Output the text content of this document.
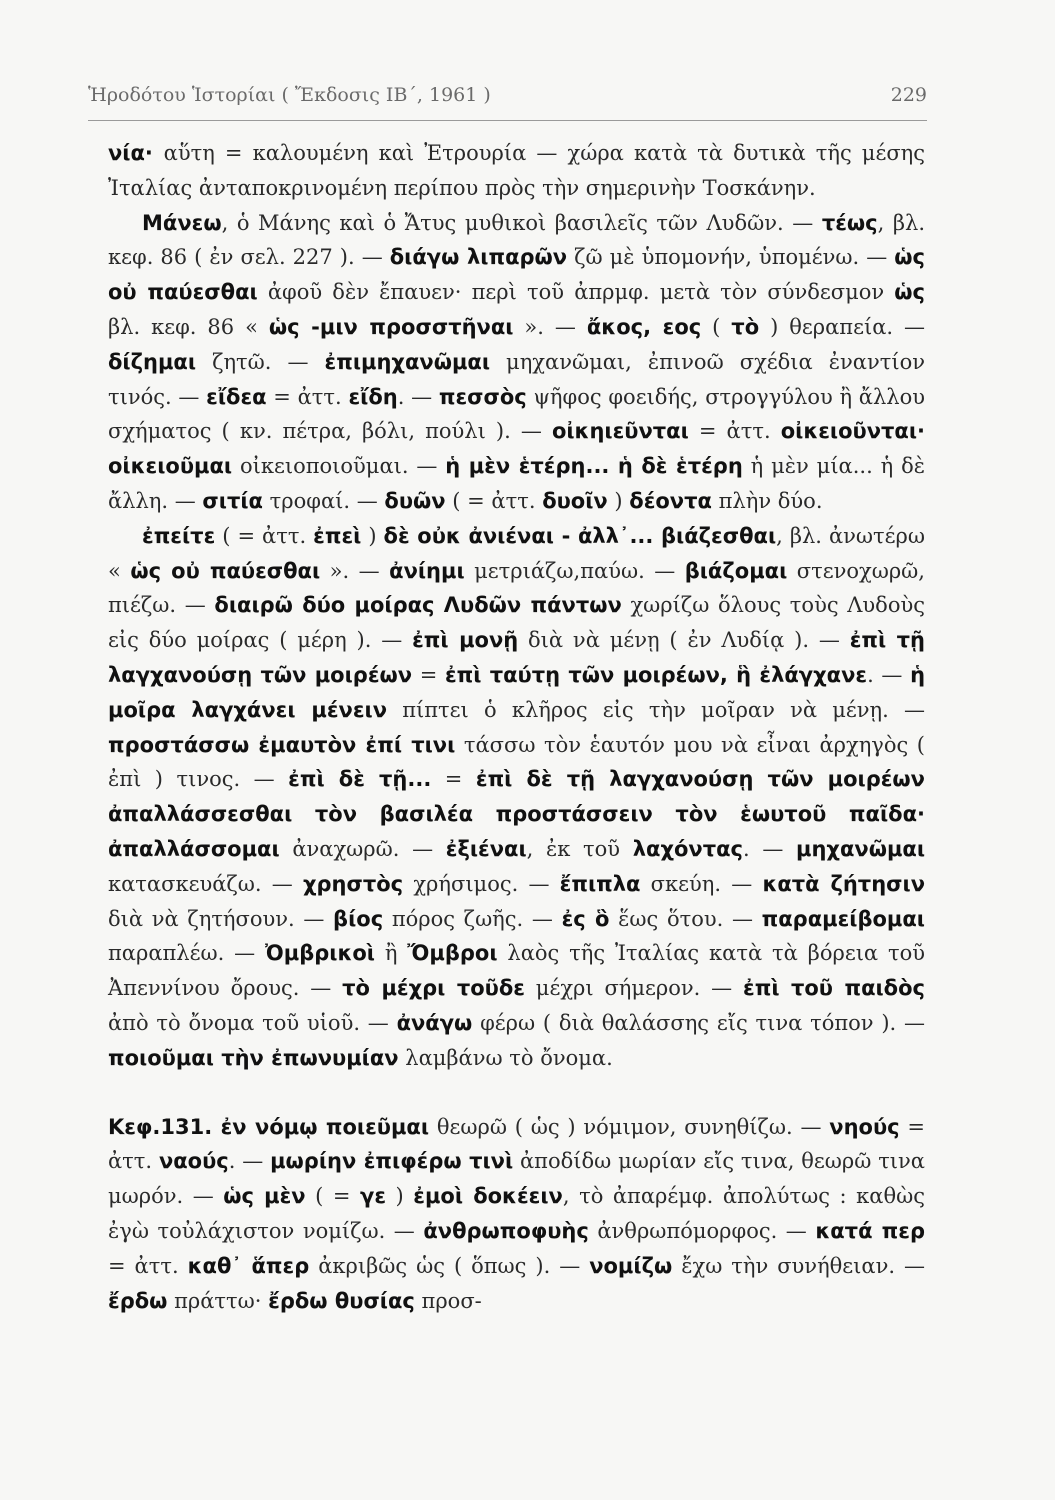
Ἡροδότου Ἱστορίαι ( Ἔκδοσις ΙΒ΄, 1961 )	229

νία· αὕτη = καλουμένη καὶ Ἐτρουρία — χώρα κατὰ τὰ δυτικὰ τῆς μέσης Ἰταλίας ἀνταποκρινομένη περίπου πρὸς τὴν σημερινὴν Τοσκάνην.

Μάνεω, ὁ Μάνης καὶ ὁ Ἄτυς μυθικοὶ βασιλεῖς τῶν Λυδῶν. — τέως, βλ. κεφ. 86 ( ἐν σελ. 227 ). — διάγω λιπαρῶν ζῶ μὲ ὑπομονήν, ὑπομένω. — ὡς οὐ παύεσθαι ἀφοῦ δὲν ἔπαυεν· περὶ τοῦ ἀπρμφ. μετὰ τὸν σύνδεσμον ὡς βλ. κεφ. 86 « ὡς -μιν προσστῆναι ». — ἄκος, εος ( τὸ ) θεραπεία. — δίζημαι ζητῶ. — ἐπιμηχανῶμαι μηχανῶμαι, ἐπινοῶ σχέδια ἐναντίον τινός. — εἴδεα = ἀττ. εἴδη. — πεσσὸς ψῆφος φοειδής, στρογγύλου ἢ ἄλλου σχήματος ( κν. πέτρα, βόλι, πούλι ). — οἰκηιεῦνται = ἀττ. οἰκειοῦνται· οἰκειοῦμαι οἰκειοποιοῦμαι. — ἡ μὲν ἑτέρη... ἡ δὲ ἑτέρη ἡ μὲν μία... ἡ δὲ ἄλλη. — σιτία τροφαί. — δυῶν ( = ἀττ. δυοῖν ) δέοντα πλὴν δύο.

ἐπείτε ( = ἀττ. ἐπεὶ ) δὲ οὐκ ἀνιέναι - ἀλλ᾽... βιάζεσθαι, βλ. ἀνωτέρω « ὡς οὐ παύεσθαι ». — ἀνίημι μετριάζω,παύω. — βιάζομαι στενοχωρῶ, πιέζω. — διαιρῶ δύο μοίρας Λυδῶν πάντων χωρίζω ὅλους τοὺς Λυδοὺς εἰς δύο μοίρας ( μέρη ). — ἐπὶ μονῇ διὰ νὰ μένῃ ( ἐν Λυδίᾳ ). — ἐπὶ τῇ λαγχανούσῃ τῶν μοιρέων = ἐπὶ ταύτῃ τῶν μοιρέων, ἣ ἐλάγχανε. — ἡ μοῖρα λαγχάνει μένειν πίπτει ὁ κλῆρος εἰς τὴν μοῖραν νὰ μένῃ. — προστάσσω ἐμαυτὸν ἐπί τινι τάσσω τὸν ἑαυτόν μου νὰ εἶναι ἀρχηγὸς ( ἐπὶ ) τινος. — ἐπὶ δὲ τῇ... = ἐπὶ δὲ τῇ λαγχανούσῃ τῶν μοιρέων ἀπαλλάσσεσθαι τὸν βασιλέα προστάσσειν τὸν ἑωυτοῦ παῖδα· ἀπαλλάσσομαι ἀναχωρῶ. — ἐξιέναι, ἐκ τοῦ λαχόντας. — μηχανῶμαι κατασκευάζω. — χρηστὸς χρήσιμος. — ἔπιπλα σκεύη. — κατὰ ζήτησιν διὰ νὰ ζητήσουν. — βίος πόρος ζωῆς. — ἐς ὃ ἕως ὅτου. — παραμείβομαι παραπλέω. — Ὀμβρικοὶ ἢ Ὄμβροι λαὸς τῆς Ἰταλίας κατὰ τὰ βόρεια τοῦ Ἀπεννίνου ὄρους. — τὸ μέχρι τοῦδε μέχρι σήμερον. — ἐπὶ τοῦ παιδὸς ἀπὸ τὸ ὄνομα τοῦ υἱοῦ. — ἀνάγω φέρω ( διὰ θαλάσσης εἴς τινα τόπον ). — ποιοῦμαι τὴν ἐπωνυμίαν λαμβάνω τὸ ὄνομα.

Κεφ.131. ἐν νόμῳ ποιεῦμαι θεωρῶ ( ὡς ) νόμιμον, συνηθίζω. — νηούς = ἀττ. ναούς. — μωρίην ἐπιφέρω τινὶ ἀποδίδω μωρίαν εἴς τινα, θεωρῶ τινα μωρόν. — ὡς μὲν ( = γε ) ἐμοὶ δοκέειν, τὸ ἀπαρέμφ. ἀπολύτως : καθὼς ἐγὼ τοὐλάχιστον νομίζω. — ἀνθρωποφυὴς ἀνθρωπόμορφος. — κατά περ = ἀττ. καθ᾽ ἅπερ ἀκριβῶς ὡς ( ὅπως ). — νομίζω ἔχω τὴν συνήθειαν. — ἔρδω πράττω· ἔρδω θυσίας προσ-
